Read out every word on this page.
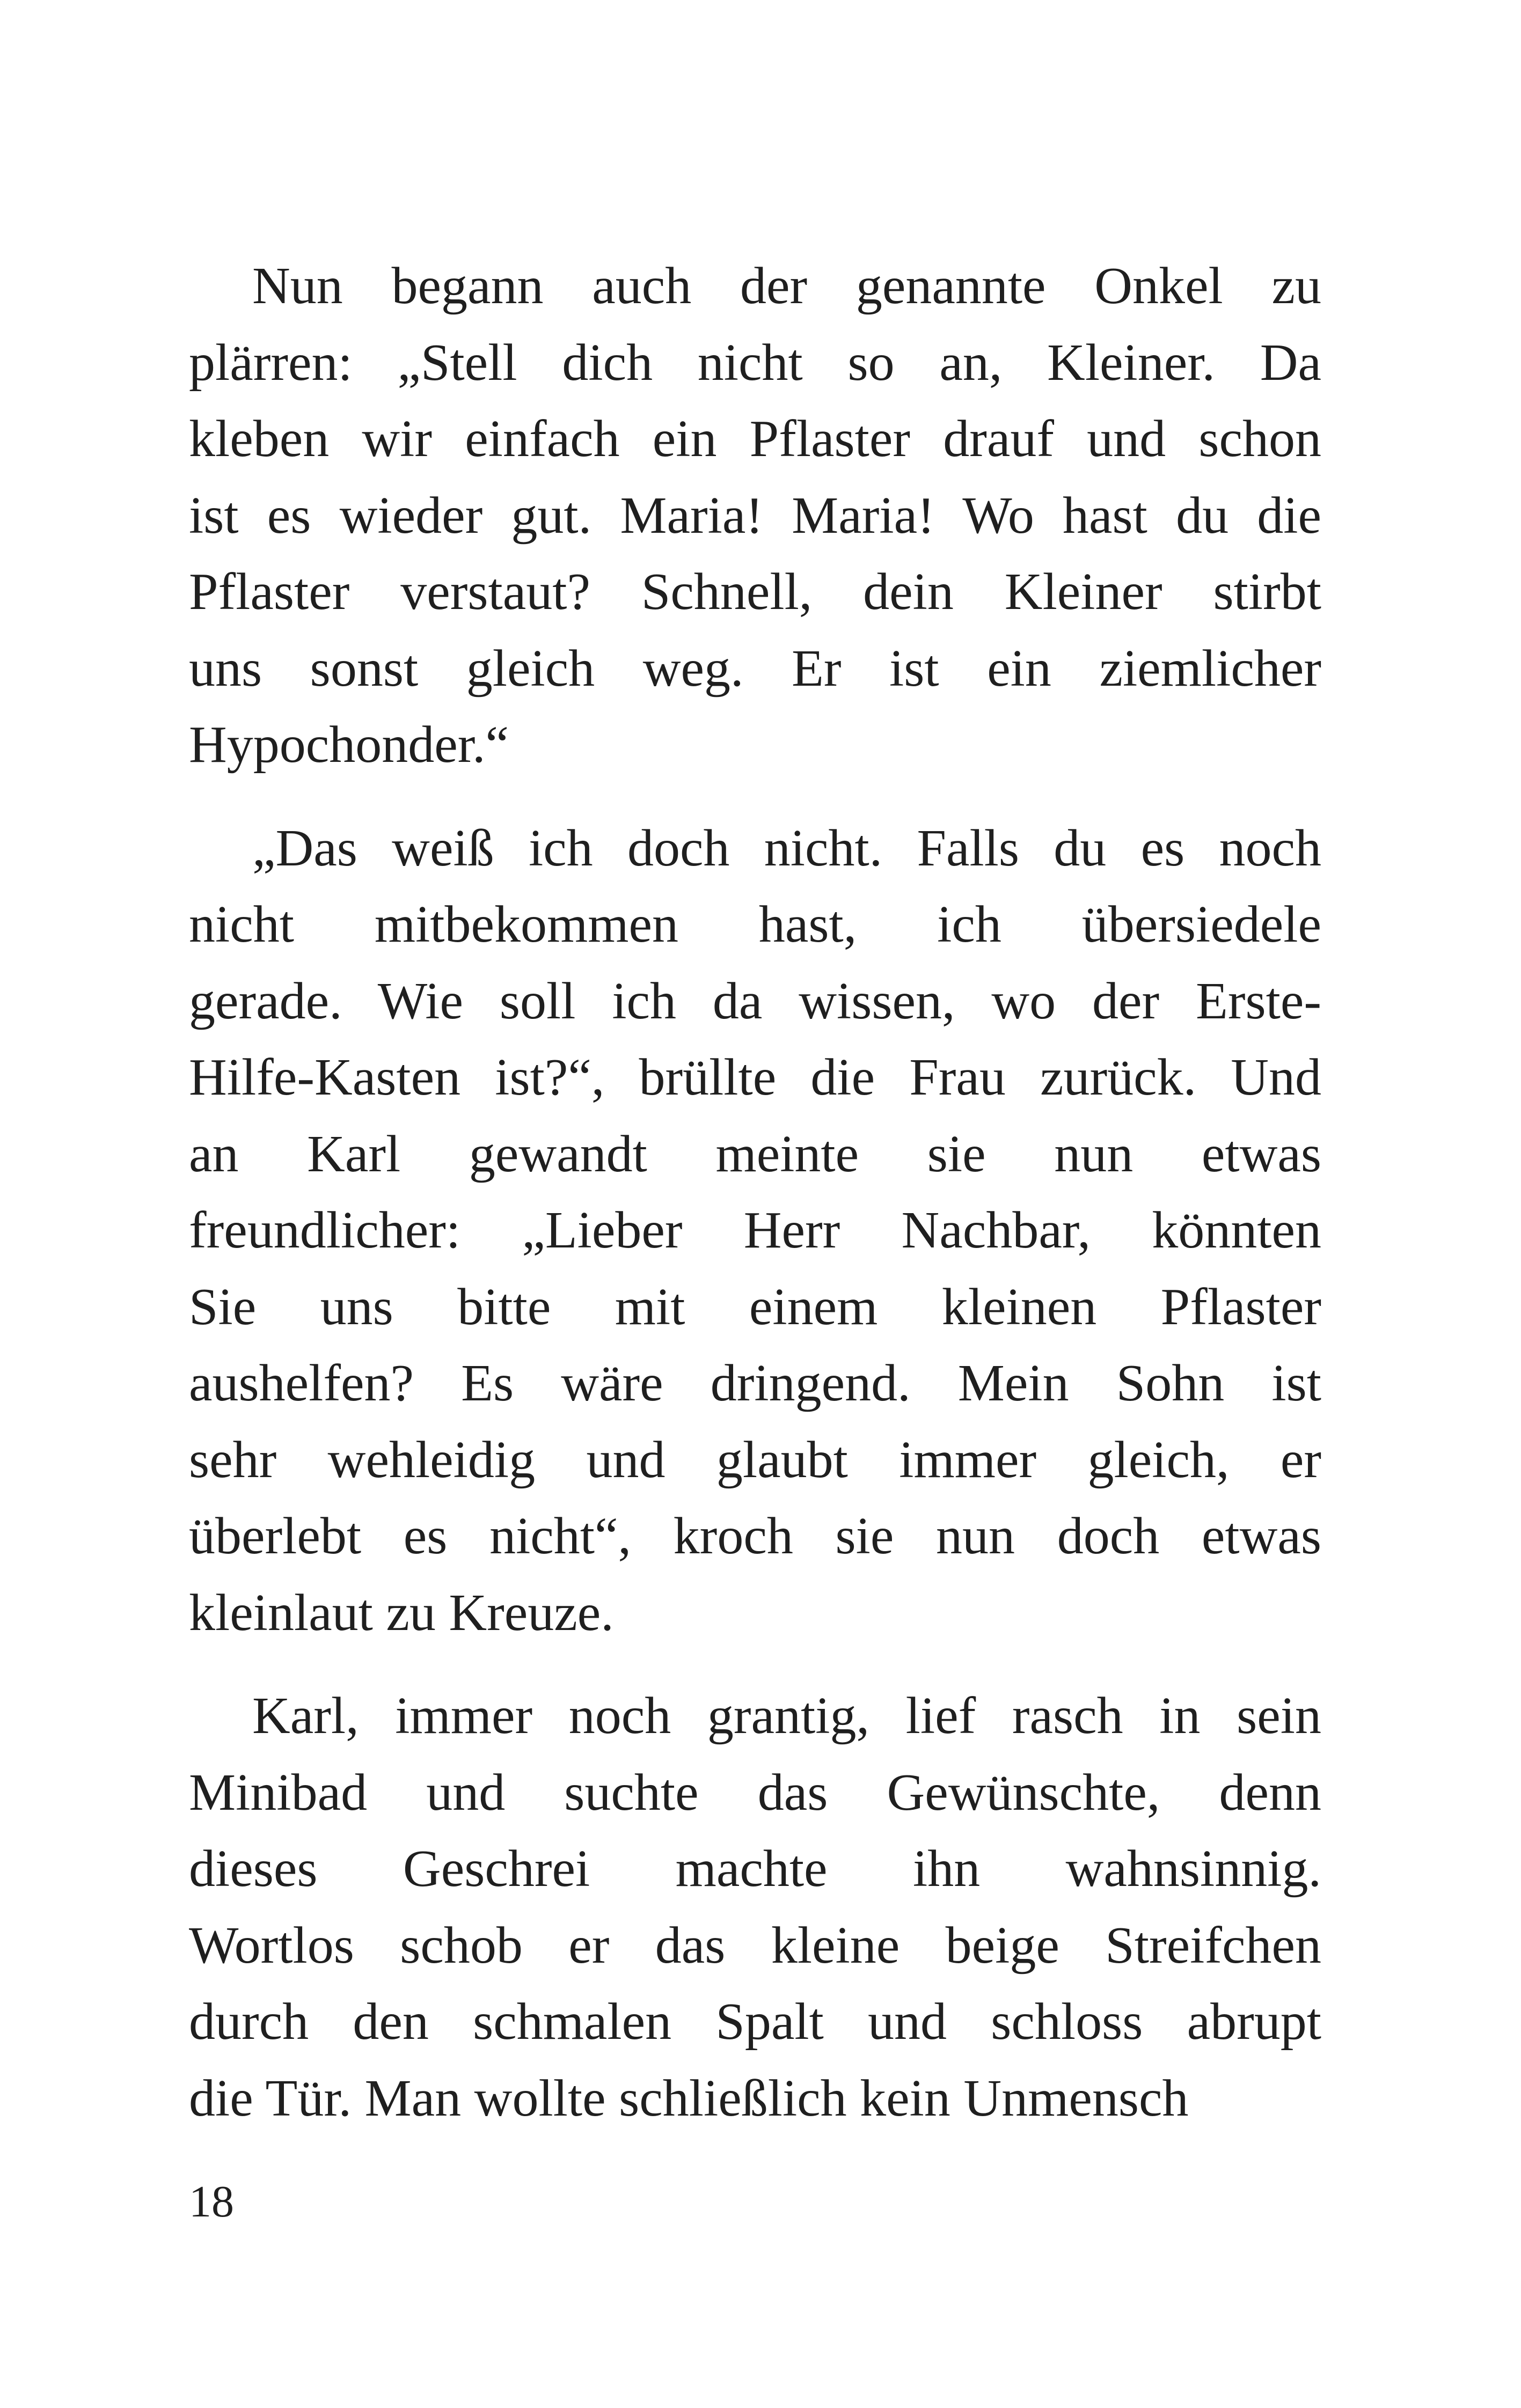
Nun begann auch der genannte Onkel zu
plärren: „Stell dich nicht so an, Kleiner. Da
kleben wir einfach ein Pflaster drauf und schon
ist es wieder gut. Maria! Maria! Wo hast du die
Pflaster verstaut? Schnell, dein Kleiner stirbt
uns sonst gleich weg. Er ist ein ziemlicher
Hypochonder.“

„Das weiß ich doch nicht. Falls du es noch
nicht mitbekommen hast, ich übersiedele
gerade. Wie soll ich da wissen, wo der Erste-
Hilfe-Kasten ist?“, brüllte die Frau zurück. Und
an Karl gewandt meinte sie nun etwas
freundlicher: „Lieber Herr Nachbar, könnten
Sie uns bitte mit einem kleinen Pflaster
aushelfen? Es wäre dringend. Mein Sohn ist
sehr wehleidig und glaubt immer gleich, er
überlebt es nicht“, kroch sie nun doch etwas
kleinlaut zu Kreuze.

Karl, immer noch grantig, lief rasch in sein
Minibad und suchte das Gewünschte, denn
dieses Geschrei machte ihn wahnsinnig.
Wortlos schob er das kleine beige Streifchen
durch den schmalen Spalt und schloss abrupt
die Tür. Man wollte schließlich kein Unmensch

18
